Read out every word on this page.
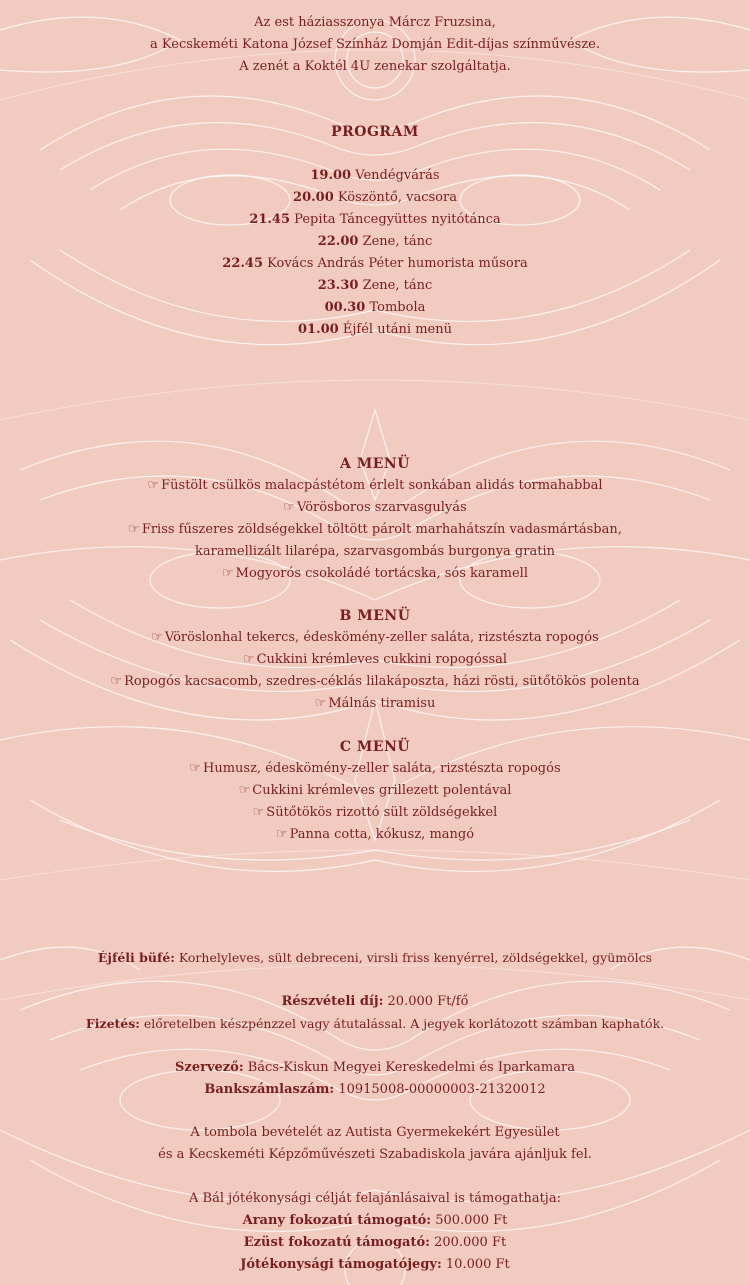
Az est háziasszonya Márcz Fruzsina,
a Kecskeméti Katona József Színház Domján Edit-díjas színművésze.
A zenét a Koktél 4U zenekar szolgáltatja.
PROGRAM
19.00 Vendégvárás
20.00 Köszöntő, vacsora
21.45 Pepita Táncegyüttes nyitótánca
22.00 Zene, tánc
22.45 Kovács András Péter humorista műsora
23.30 Zene, tánc
00.30 Tombola
01.00 Éjfél utáni menü
A MENÜ
☞ Füstölt csülkös malacpástétom érlelt sonkában alidás tormahabbal
☞ Vörösboros szarvasgulyás
☞ Friss fűszeres zöldségekkel töltött párolt marhahátszín vadasmártásban,
karamellizált lilarépa, szarvasgombás burgonya gratin
☞ Mogyorós csokoládé tortácska, sós karamell
B MENÜ
☞ Vöröslonhal tekercs, édesköménу-zeller saláta, rizstészta ropogós
☞ Cukkini krémleves cukkini ropogóssal
☞ Ropogós kacsacomb, szedres-céklás lilakáposzta, házi rösti, sütőtökös polenta
☞ Málnás tiramisu
C MENÜ
☞ Humusz, édesköménу-zeller saláta, rizstészta ropogós
☞ Cukkini krémleves grillezett polentával
☞ Sütőtökös rizottó sült zöldségekkel
☞ Panna cotta, kókusz, mangó
Éjféli büfé: Korhelyleves, sült debreceni, virsli friss kenyérrel, zöldségekkel, gyümölcs
Részvételi díj: 20.000 Ft/fő
Fizetés: előretelben készpénzzel vagy átutalással. A jegyek korlátozott számban kaphatók.
Szervező: Bács-Kiskun Megyei Kereskedelmi és Iparkamara
Bankszámlaszám: 10915008-00000003-21320012
A tombola bevételét az Autista Gyermekekért Egyesület
és a Kecskeméti Képzőművészeti Szabadiskola javára ajánljuk fel.
A Bál jótékonysági célját felajánlásaival is támogathatja:
Arany fokozatú támogató: 500.000 Ft
Ezüst fokozatú támogató: 200.000 Ft
Jótékonysági támogatójegy: 10.000 Ft
